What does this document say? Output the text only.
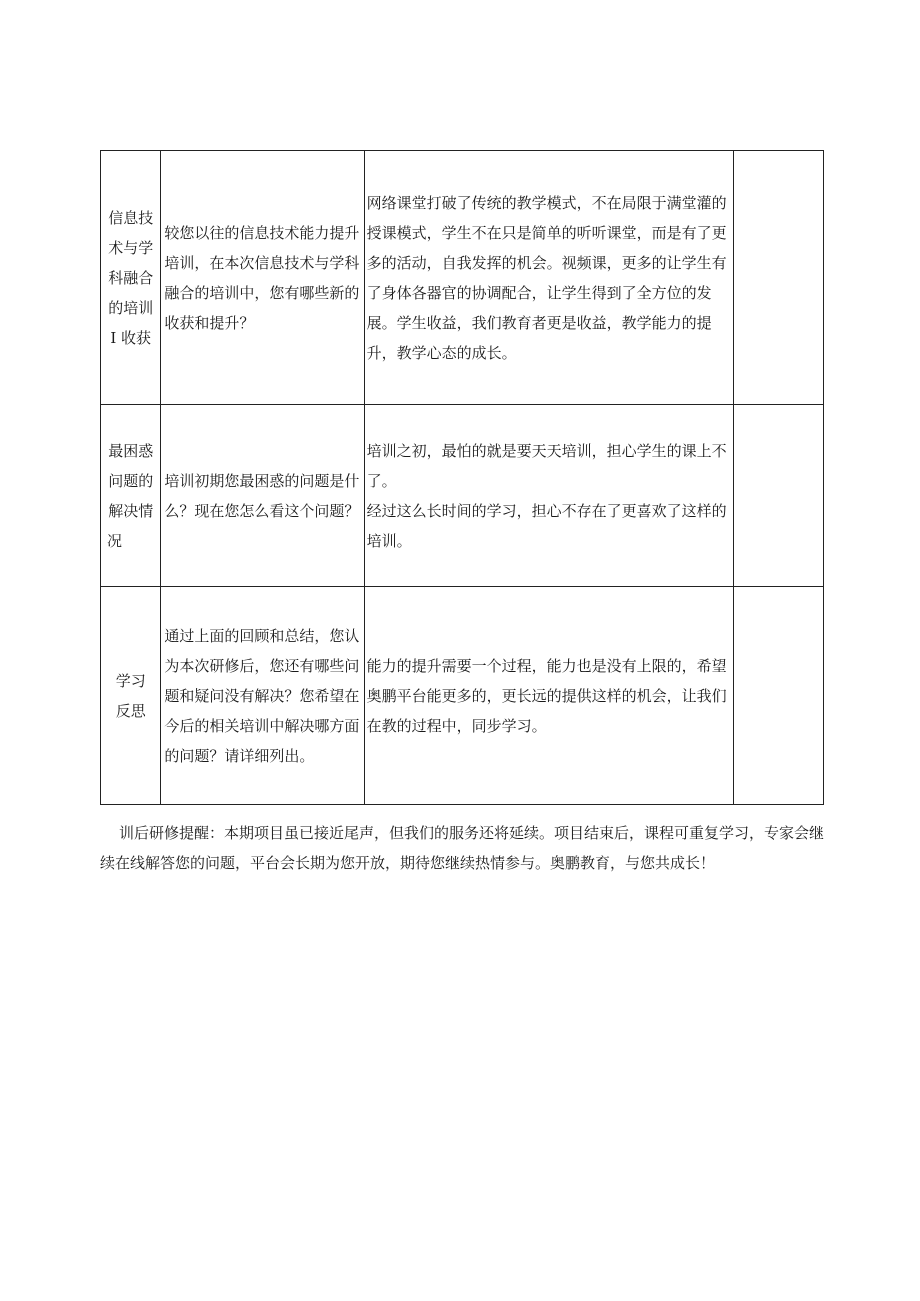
信息技
术与学
科融合
的培训
I 收获	较您以往的信息技术能力提升培训，在本次信息技术与学科融合的培训中，您有哪些新的收获和提升？	网络课堂打破了传统的教学模式，不在局限于满堂灌的授课模式，学生不在只是简单的听听课堂，而是有了更多的活动，自我发挥的机会。视频课，更多的让学生有了身体各器官的协调配合，让学生得到了全方位的发展。学生收益，我们教育者更是收益，教学能力的提升，教学心态的成长。	

最困惑
问题的
解决情
况	培训初期您最困惑的问题是什么？现在您怎么看这个问题？	培训之初，最怕的就是要天天培训，担心学生的课上不了。
经过这么长时间的学习，担心不存在了更喜欢了这样的培训。	

学习
反思	通过上面的回顾和总结，您认为本次研修后，您还有哪些问题和疑问没有解决？您希望在今后的相关培训中解决哪方面的问题？请详细列出。	能力的提升需要一个过程，能力也是没有上限的，希望奥鹏平台能更多的，更长远的提供这样的机会，让我们在教的过程中，同步学习。	

训后研修提醒：本期项目虽已接近尾声，但我们的服务还将延续。项目结束后，课程可重复学习，专家会继续在线解答您的问题，平台会长期为您开放，期待您继续热情参与。奥鹏教育，与您共成长！
